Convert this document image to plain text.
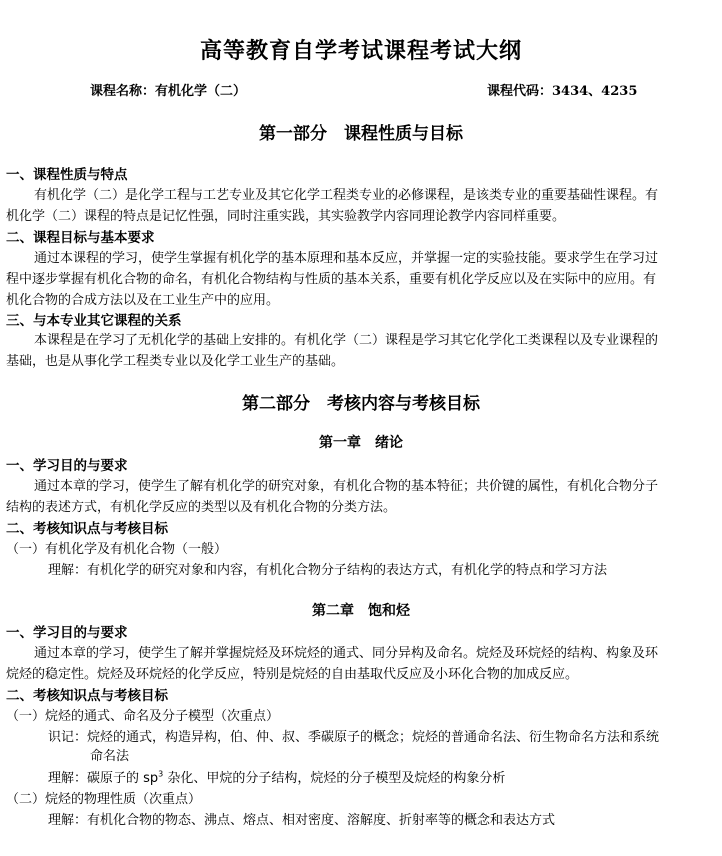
高等教育自学考试课程考试大纲
课程名称：有机化学（二）	课程代码：3434、4235
第一部分　课程性质与目标
一、课程性质与特点
有机化学（二）是化学工程与工艺专业及其它化学工程类专业的必修课程，是该类专业的重要基础性课程。有
机化学（二）课程的特点是记忆性强，同时注重实践，其实验教学内容同理论教学内容同样重要。
二、课程目标与基本要求
通过本课程的学习，使学生掌握有机化学的基本原理和基本反应，并掌握一定的实验技能。要求学生在学习过
程中逐步掌握有机化合物的命名，有机化合物结构与性质的基本关系，重要有机化学反应以及在实际中的应用。有
机化合物的合成方法以及在工业生产中的应用。
三、与本专业其它课程的关系
本课程是在学习了无机化学的基础上安排的。有机化学（二）课程是学习其它化学化工类课程以及专业课程的
基础，也是从事化学工程类专业以及化学工业生产的基础。
第二部分　考核内容与考核目标
第一章　绪论
一、学习目的与要求
通过本章的学习，使学生了解有机化学的研究对象，有机化合物的基本特征；共价键的属性，有机化合物分子
结构的表述方式，有机化学反应的类型以及有机化合物的分类方法。
二、考核知识点与考核目标
（一）有机化学及有机化合物（一般）
理解：有机化学的研究对象和内容，有机化合物分子结构的表达方式，有机化学的特点和学习方法
第二章　饱和烃
一、学习目的与要求
通过本章的学习，使学生了解并掌握烷烃及环烷烃的通式、同分异构及命名。烷烃及环烷烃的结构、构象及环
烷烃的稳定性。烷烃及环烷烃的化学反应，特别是烷烃的自由基取代反应及小环化合物的加成反应。
二、考核知识点与考核目标
（一）烷烃的通式、命名及分子模型（次重点）
识记：烷烃的通式，构造异构，伯、仲、叔、季碳原子的概念；烷烃的普通命名法、衍生物命名方法和系统
命名法
理解：碳原子的 $sp^3$ 杂化、甲烷的分子结构，烷烃的分子模型及烷烃的构象分析
（二）烷烃的物理性质（次重点）
理解：有机化合物的物态、沸点、熔点、相对密度、溶解度、折射率等的概念和表达方式
